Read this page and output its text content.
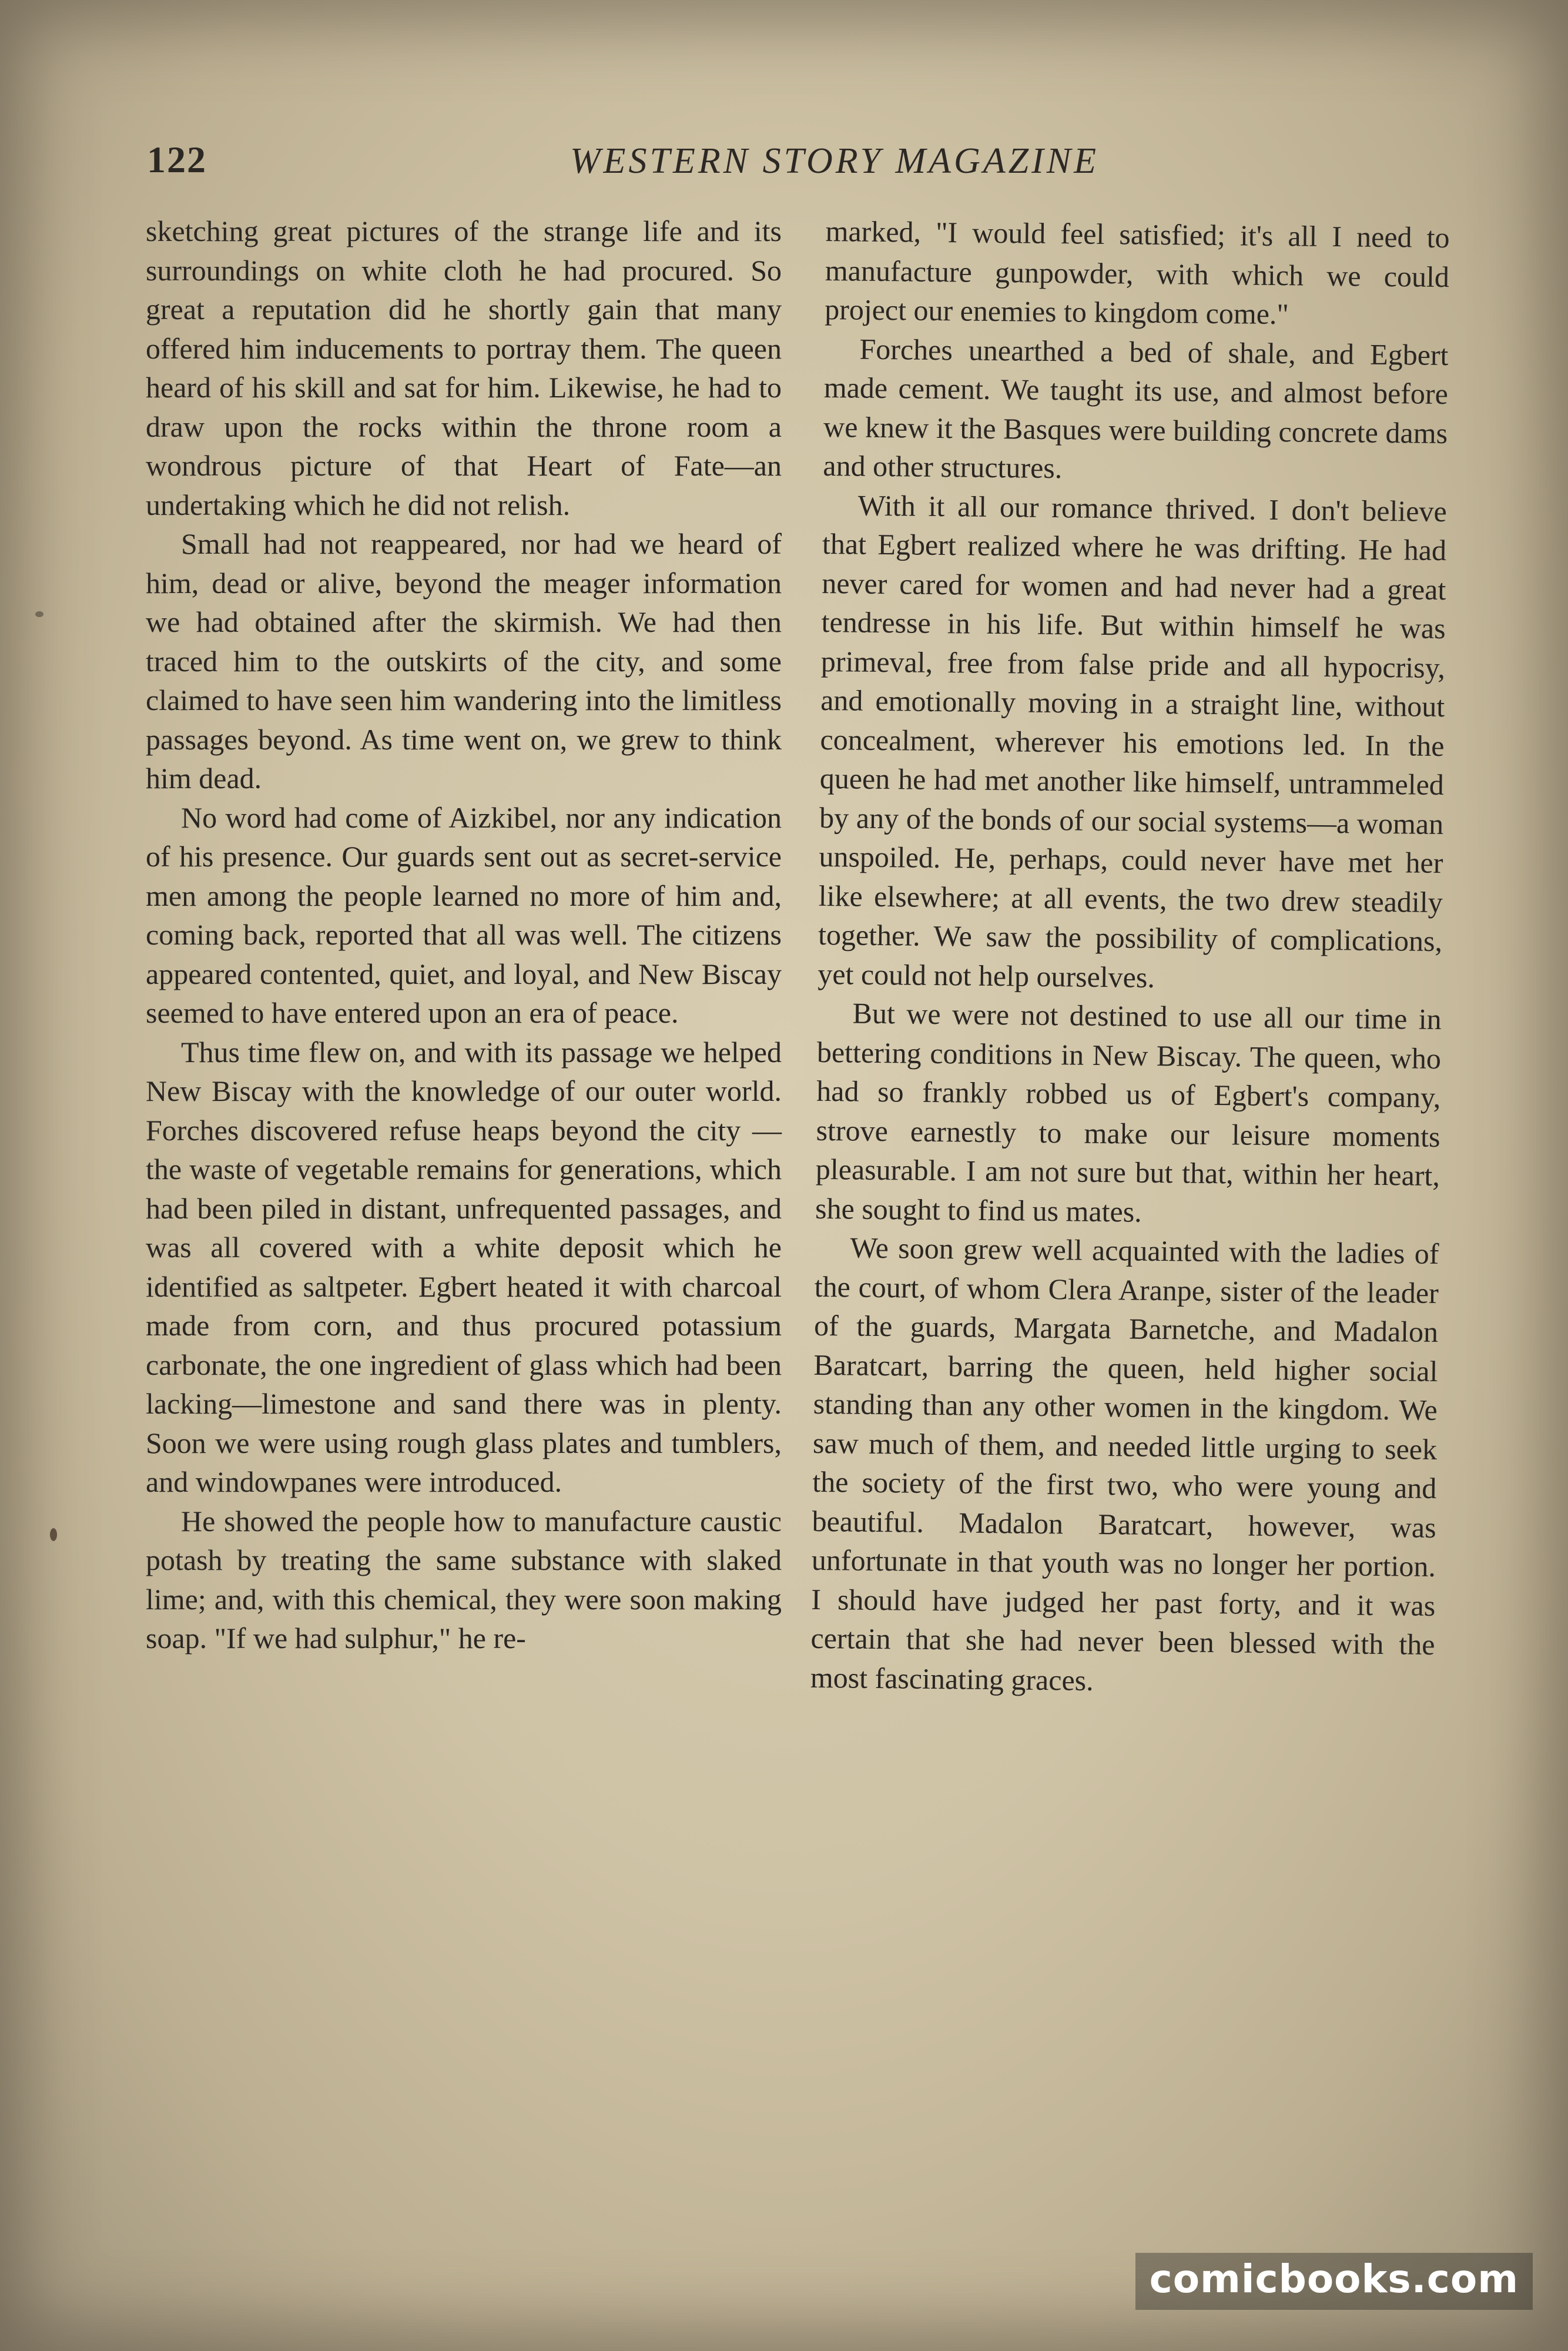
122	WESTERN STORY MAGAZINE

sketching great pictures of the strange life and its surroundings on white cloth he had procured. So great a reputation did he shortly gain that many offered him inducements to portray them. The queen heard of his skill and sat for him. Likewise, he had to draw upon the rocks within the throne room a wondrous picture of that Heart of Fate—an undertaking which he did not relish.

Small had not reappeared, nor had we heard of him, dead or alive, beyond the meager information we had obtained after the skirmish. We had then traced him to the outskirts of the city, and some claimed to have seen him wandering into the limitless passages beyond. As time went on, we grew to think him dead.

No word had come of Aizkibel, nor any indication of his presence. Our guards sent out as secret-service men among the people learned no more of him and, coming back, reported that all was well. The citizens appeared contented, quiet, and loyal, and New Biscay seemed to have entered upon an era of peace.

Thus time flew on, and with its passage we helped New Biscay with the knowledge of our outer world. Forches discovered refuse heaps beyond the city —the waste of vegetable remains for generations, which had been piled in distant, unfrequented passages, and was all covered with a white deposit which he identified as saltpeter. Egbert heated it with charcoal made from corn, and thus procured potassium carbonate, the one ingredient of glass which had been lacking—limestone and sand there was in plenty. Soon we were using rough glass plates and tumblers, and windowpanes were introduced.

He showed the people how to manufacture caustic potash by treating the same substance with slaked lime; and, with this chemical, they were soon making soap. "If we had sulphur," he re-

marked, "I would feel satisfied; it's all I need to manufacture gunpowder, with which we could project our enemies to kingdom come."

Forches unearthed a bed of shale, and Egbert made cement. We taught its use, and almost before we knew it the Basques were building concrete dams and other structures.

With it all our romance thrived. I don't believe that Egbert realized where he was drifting. He had never cared for women and had never had a great tendresse in his life. But within himself he was primeval, free from false pride and all hypocrisy, and emotionally moving in a straight line, without concealment, wherever his emotions led. In the queen he had met another like himself, untrammeled by any of the bonds of our social systems—a woman unspoiled. He, perhaps, could never have met her like elsewhere; at all events, the two drew steadily together. We saw the possibility of complications, yet could not help ourselves.

But we were not destined to use all our time in bettering conditions in New Biscay. The queen, who had so frankly robbed us of Egbert's company, strove earnestly to make our leisure moments pleasurable. I am not sure but that, within her heart, she sought to find us mates.

We soon grew well acquainted with the ladies of the court, of whom Clera Aranpe, sister of the leader of the guards, Margata Barnetche, and Madalon Baratcart, barring the queen, held higher social standing than any other women in the kingdom. We saw much of them, and needed little urging to seek the society of the first two, who were young and beautiful. Madalon Baratcart, however, was unfortunate in that youth was no longer her portion. I should have judged her past forty, and it was certain that she had never been blessed with the most fascinating graces.

comicbooks.com
